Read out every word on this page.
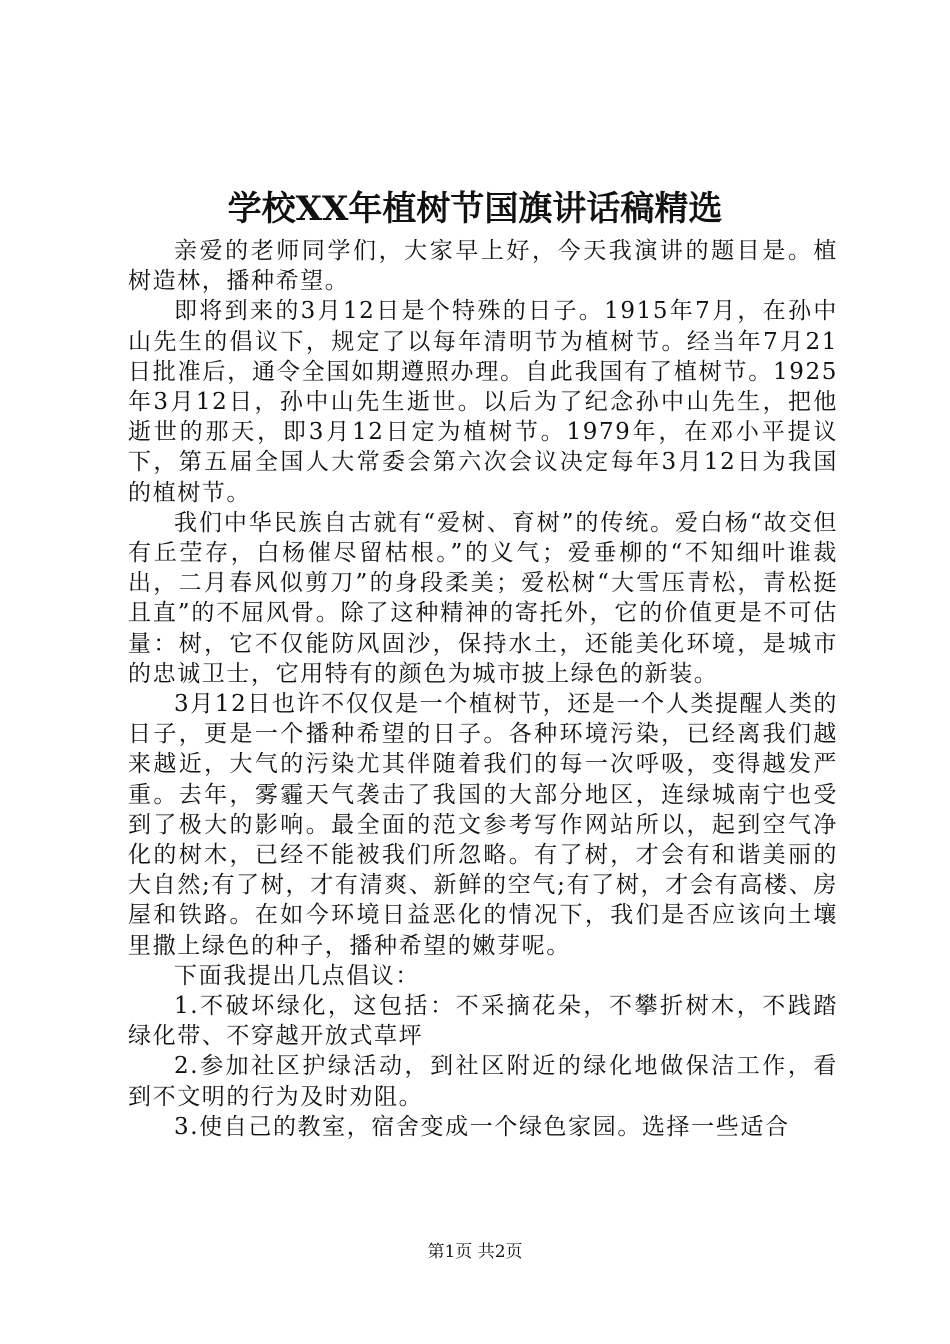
学校XX年植树节国旗讲话稿精选

亲爱的老师同学们，大家早上好，今天我演讲的题目是。植树造林，播种希望。

即将到来的3月12日是个特殊的日子。1915年7月，在孙中山先生的倡议下，规定了以每年清明节为植树节。经当年7月21日批准后，通令全国如期遵照办理。自此我国有了植树节。1925年3月12日，孙中山先生逝世。以后为了纪念孙中山先生，把他逝世的那天，即3月12日定为植树节。1979年，在邓小平提议下，第五届全国人大常委会第六次会议决定每年3月12日为我国的植树节。

我们中华民族自古就有“爱树、育树”的传统。爱白杨“故交但有丘茔存，白杨催尽留枯根。”的义气；爱垂柳的“不知细叶谁裁出，二月春风似剪刀”的身段柔美；爱松树“大雪压青松，青松挺且直”的不屈风骨。除了这种精神的寄托外，它的价值更是不可估量：树，它不仅能防风固沙，保持水土，还能美化环境，是城市的忠诚卫士，它用特有的颜色为城市披上绿色的新装。

3月12日也许不仅仅是一个植树节，还是一个人类提醒人类的日子，更是一个播种希望的日子。各种环境污染，已经离我们越来越近，大气的污染尤其伴随着我们的每一次呼吸，变得越发严重。去年，雾霾天气袭击了我国的大部分地区，连绿城南宁也受到了极大的影响。最全面的范文参考写作网站所以，起到空气净化的树木，已经不能被我们所忽略。有了树，才会有和谐美丽的大自然;有了树，才有清爽、新鲜的空气;有了树，才会有高楼、房屋和铁路。在如今环境日益恶化的情况下，我们是否应该向土壤里撒上绿色的种子，播种希望的嫩芽呢。

下面我提出几点倡议：

1.不破坏绿化，这包括：不采摘花朵，不攀折树木，不践踏绿化带、不穿越开放式草坪

2.参加社区护绿活动，到社区附近的绿化地做保洁工作，看到不文明的行为及时劝阻。

3.使自己的教室，宿舍变成一个绿色家园。选择一些适合

第1页 共2页
